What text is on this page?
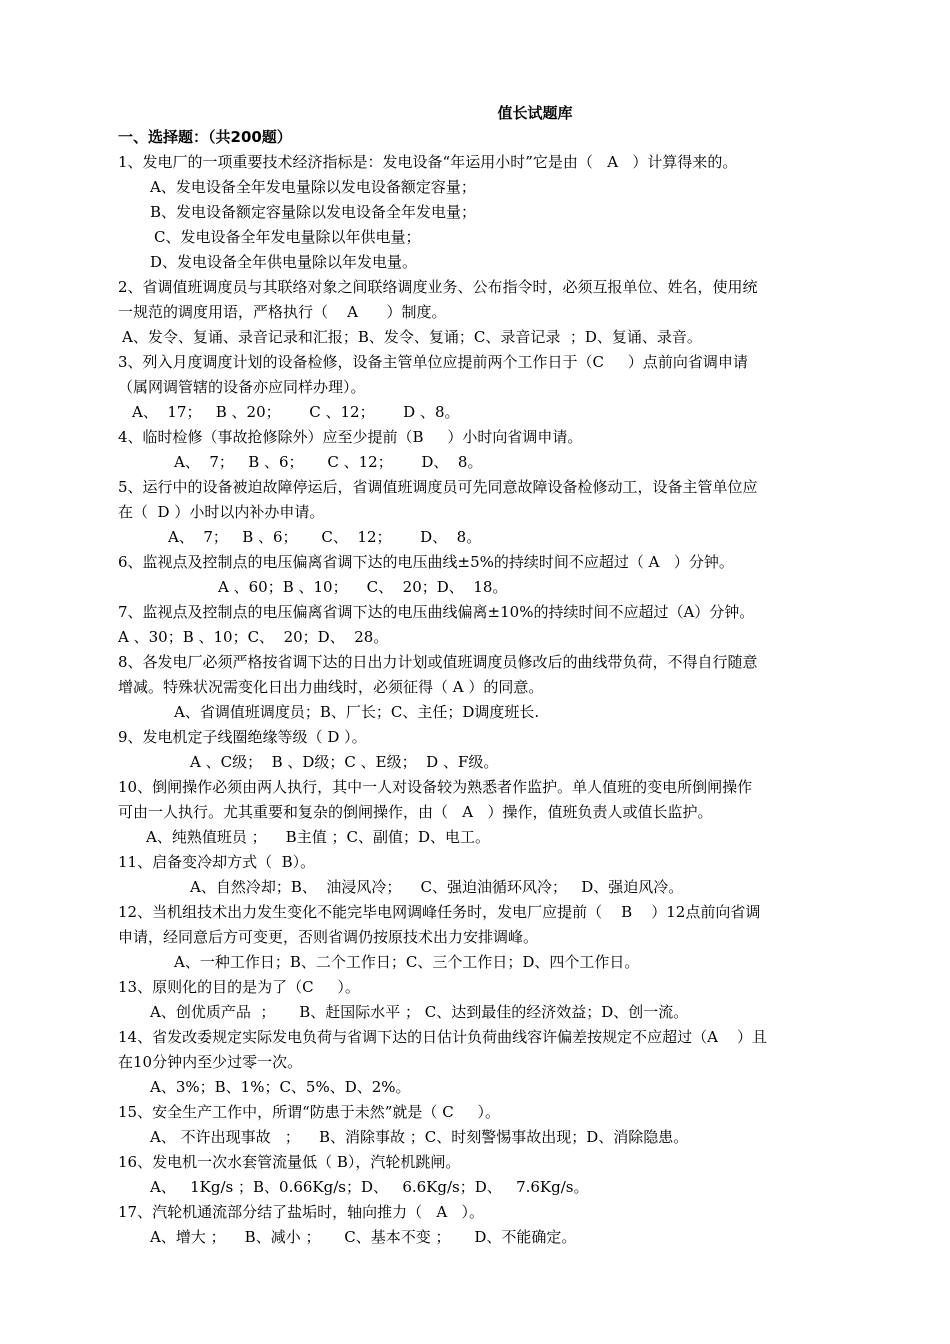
值长试题库
一、选择题：（共200题）
1、发电厂的一项重要技术经济指标是：发电设备“年运用小时”它是由（   A   ）计算得来的。
A、发电设备全年发电量除以发电设备额定容量；
B、发电设备额定容量除以发电设备全年发电量；
C、发电设备全年发电量除以年供电量；
D、发电设备全年供电量除以年发电量。
2、省调值班调度员与其联络对象之间联络调度业务、公布指令时，必须互报单位、姓名，使用统
一规范的调度用语，严格执行（    A      ）制度。
A、发令、复诵、录音记录和汇报；B、发令、复诵；C、录音记录  ；D、复诵、录音。
3、列入月度调度计划的设备检修，设备主管单位应提前两个工作日于（C     ）点前向省调申请
（属网调管辖的设备亦应同样办理）。
A、  17；   B 、20；      C 、12；      D 、8。
4、临时检修（事故抢修除外）应至少提前（B     ）小时向省调申请。
A、  7；   B 、6；     C 、12；      D、  8。
5、运行中的设备被迫故障停运后，省调值班调度员可先同意故障设备检修动工，设备主管单位应
在（  D ）小时以内补办申请。
A、  7；   B 、6；     C、  12；      D、  8。
6、监视点及控制点的电压偏离省调下达的电压曲线±5%的持续时间不应超过（ A   ）分钟。
A 、60；B 、10；    C、  20；D、  18。
7、监视点及控制点的电压偏离省调下达的电压曲线偏离±10%的持续时间不应超过（A）分钟。
A 、30；B 、10；C、  20；D、  28。
8、各发电厂必须严格按省调下达的日出力计划或值班调度员修改后的曲线带负荷，不得自行随意
增减。特殊状况需变化日出力曲线时，必须征得（ A ）的同意。
A、省调值班调度员；B、厂长；C、主任；D调度班长.
9、发电机定子线圈绝缘等级（ D ）。
A 、C级；  B 、D级；C 、E级；  D 、F级。
10、倒闸操作必须由两人执行，其中一人对设备较为熟悉者作监护。单人值班的变电所倒闸操作
可由一人执行。尤其重要和复杂的倒闸操作，由（   A   ）操作，值班负责人或值长监护。
A、纯熟值班员 ；    B主值 ；C、副值；D、电工。
11、启备变冷却方式（  B）。
A、自然冷却；B、  油浸风冷；    C、强迫油循环风冷；   D、强迫风冷。
12、当机组技术出力发生变化不能完毕电网调峰任务时，发电厂应提前（    B    ）12点前向省调
申请，经同意后方可变更，否则省调仍按原技术出力安排调峰。
A、一种工作日；B、二个工作日；C、三个工作日；D、四个工作日。
13、原则化的目的是为了（C     ）。
A、创优质产品  ；     B、赶国际水平 ； C、达到最佳的经济效益；D、创一流。
14、省发改委规定实际发电负荷与省调下达的日估计负荷曲线容许偏差按规定不应超过（A    ）且
在10分钟内至少过零一次。
A、3%；B、1%；C、5%、D、2%。
15、安全生产工作中，所谓“防患于未然”就是（ C     ）。
A、 不许出现事故   ；    B、消除事故 ；C、时刻警惕事故出现；D、消除隐患。
16、发电机一次水套管流量低（ B），汽轮机跳闸。
A、   1Kg/s ；B、0.66Kg/s；D、   6.6Kg/s；D、   7.6Kg/s。
17、汽轮机通流部分结了盐垢时，轴向推力（   A   ）。
A、增大 ；    B、减小 ；     C、基本不变 ；     D、不能确定。
